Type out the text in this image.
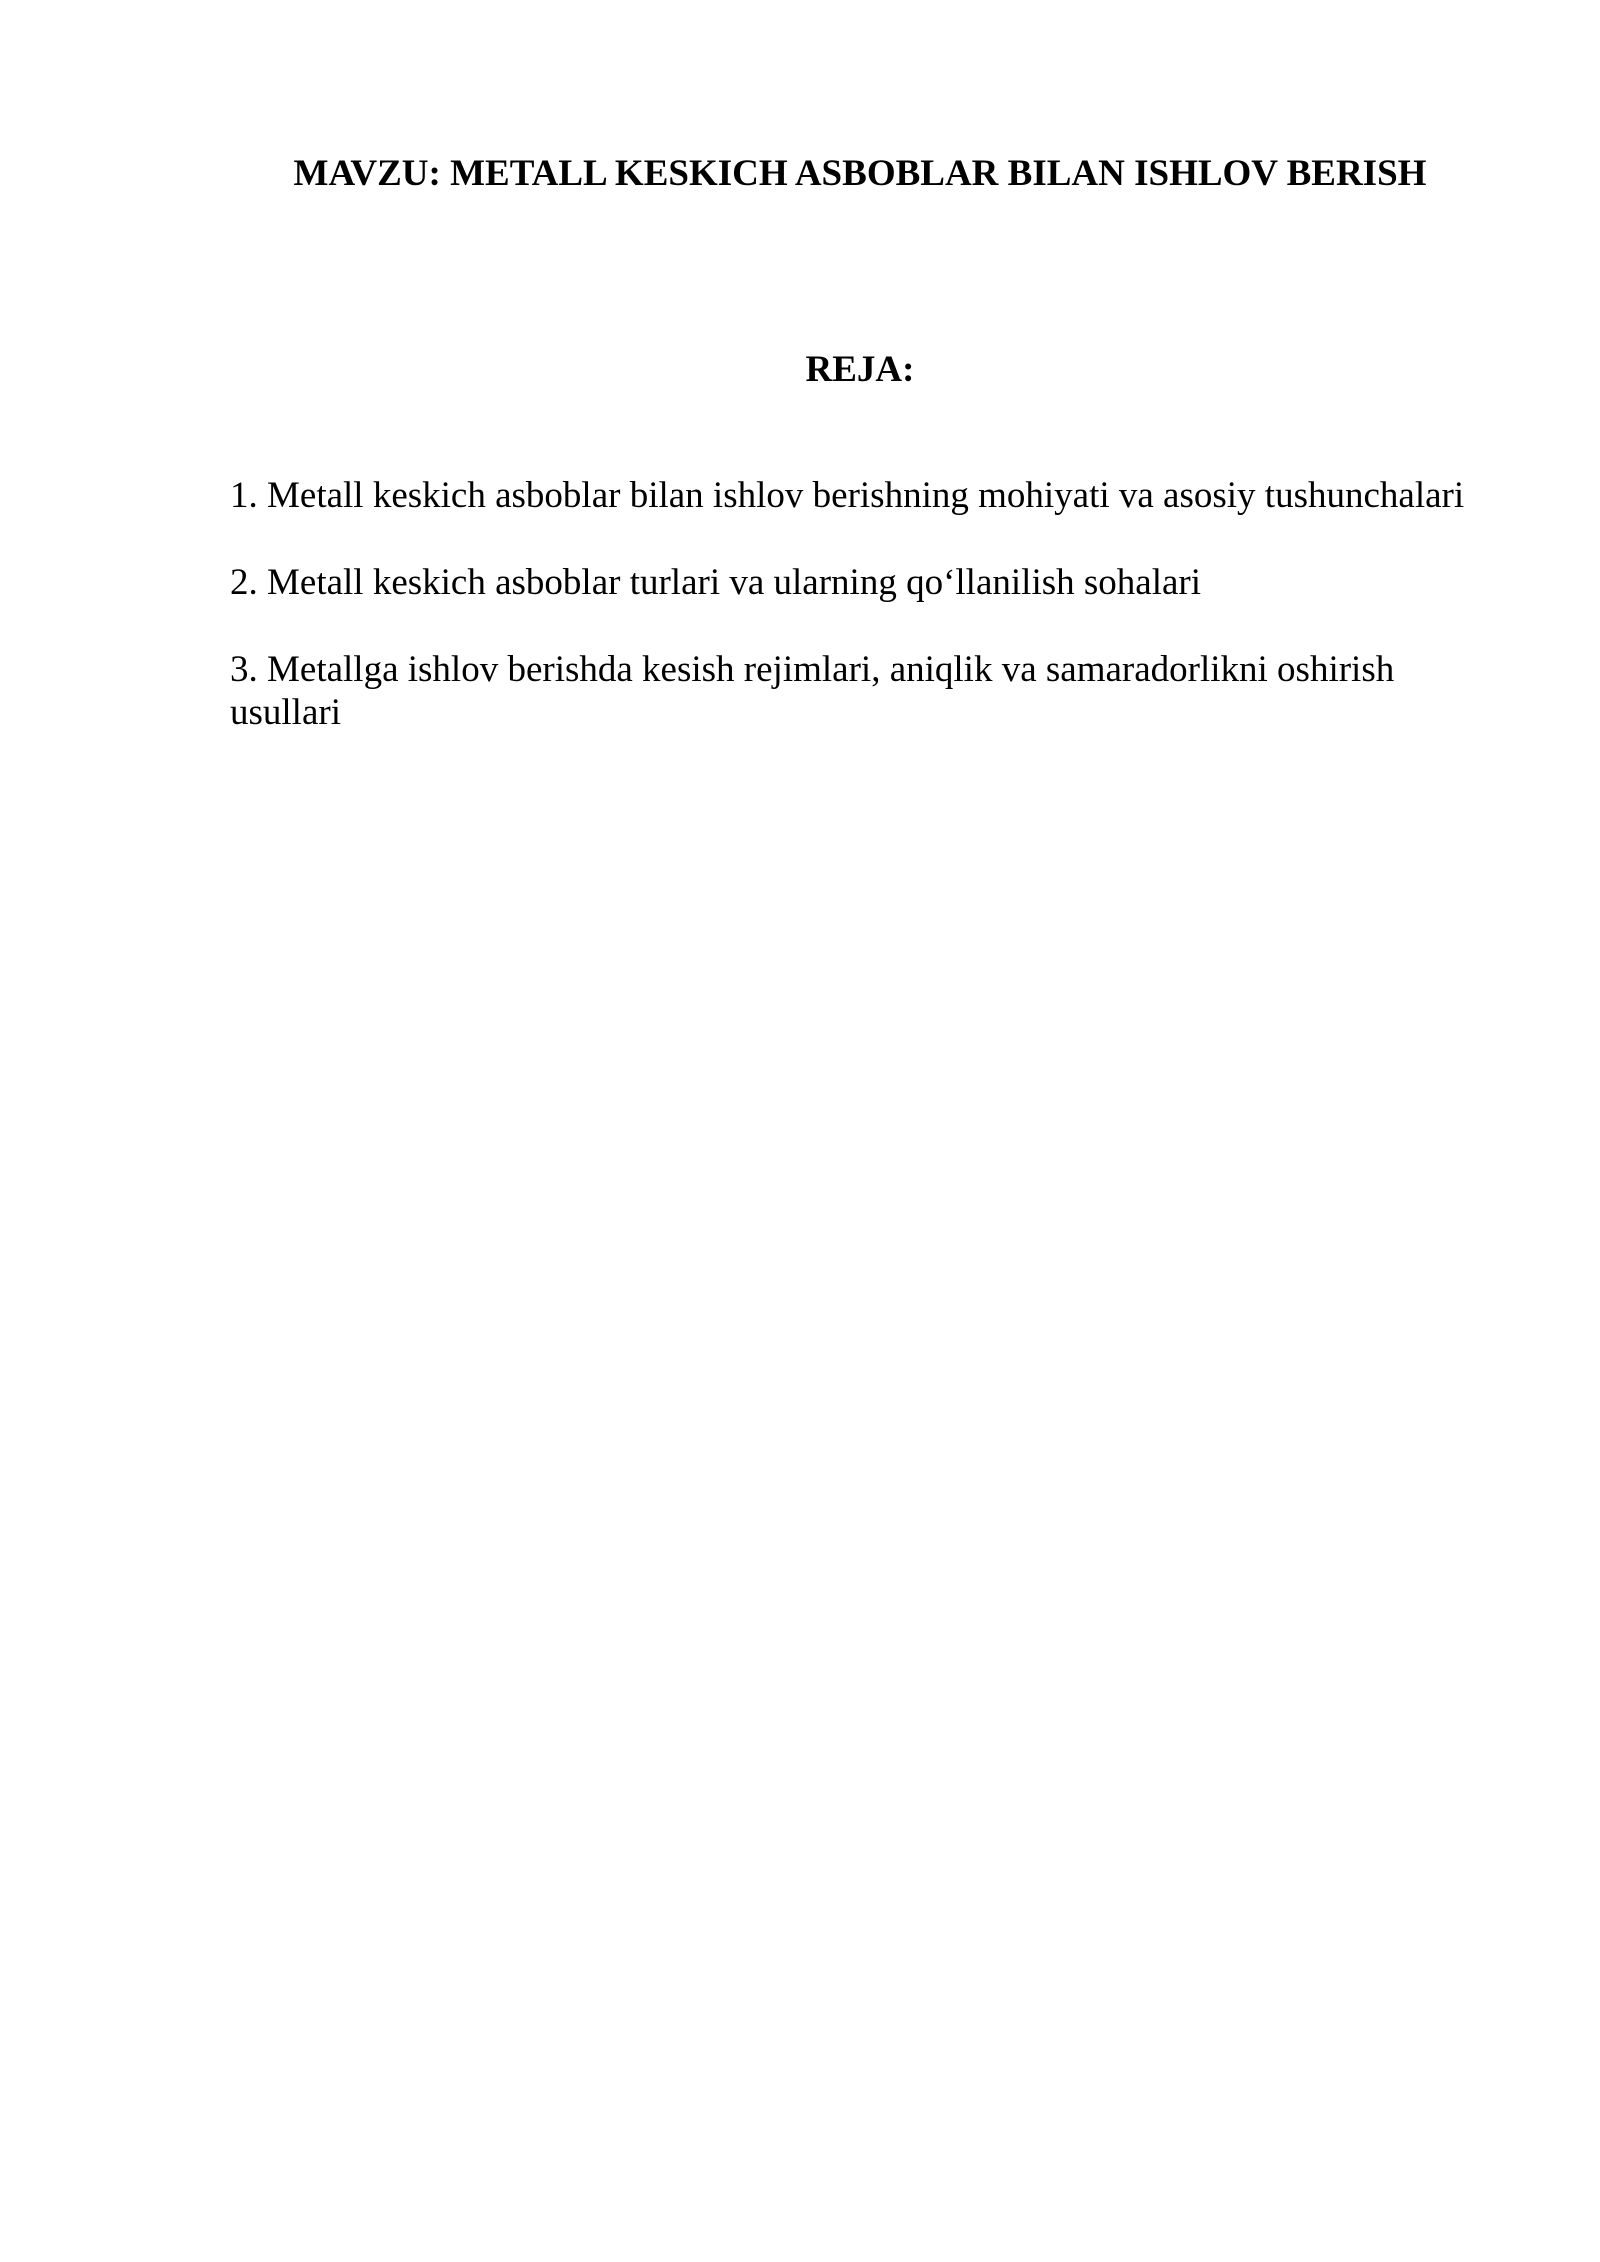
MAVZU: METALL KESKICH ASBOBLAR BILAN ISHLOV BERISH
REJA:
1. Metall keskich asboblar bilan ishlov berishning mohiyati va asosiy tushunchalari
2. Metall keskich asboblar turlari va ularning qo‘llanilish sohalari
3. Metallga ishlov berishda kesish rejimlari, aniqlik va samaradorlikni oshirish usullari
